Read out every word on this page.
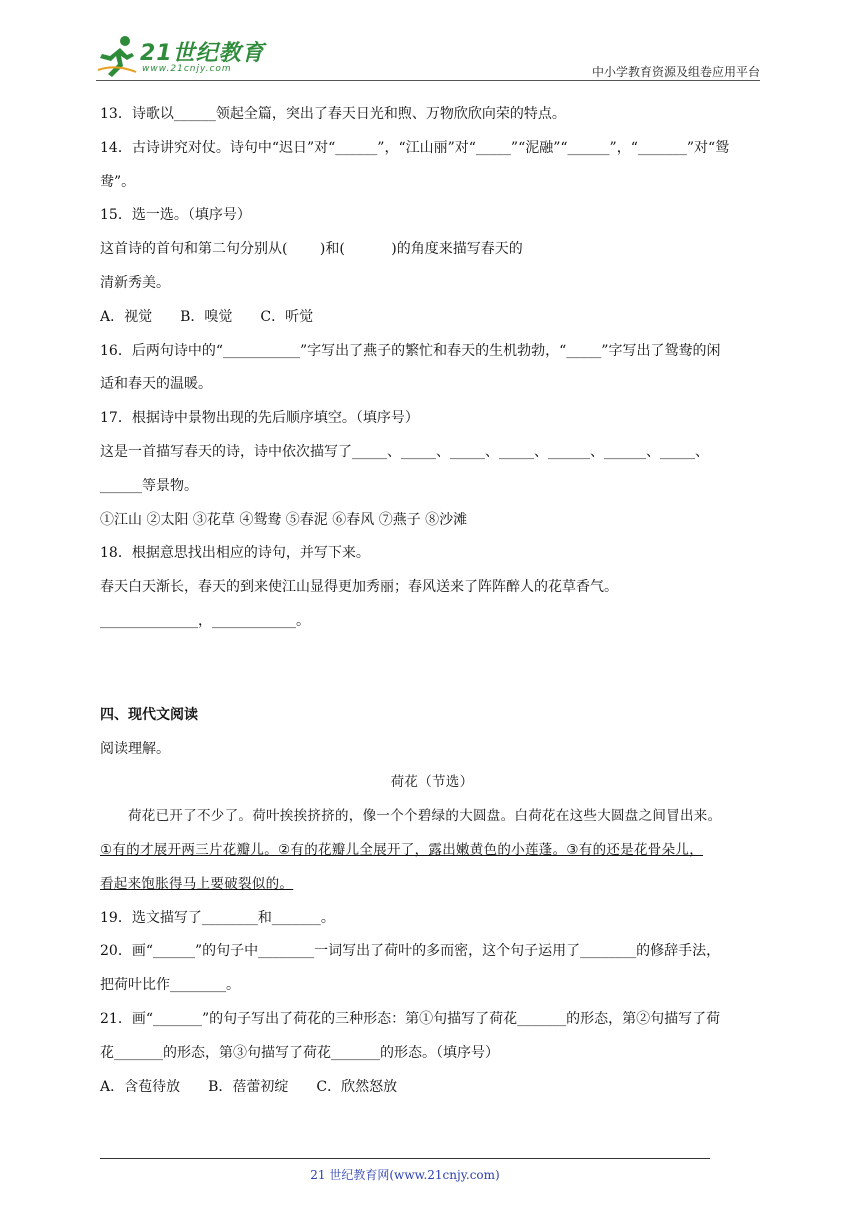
21世纪教育
www.21cnjy.com	中小学教育资源及组卷应用平台
13．诗歌以______领起全篇，突出了春天日光和煦、万物欣欣向荣的特点。
14．古诗讲究对仗。诗句中“迟日”对“______”，“江山丽”对“_____”“泥融”“______”，“_______”对“鸳
鸯”。
15．选一选。（填序号）
这首诗的首句和第二句分别从(　　 )和(　　 　)的角度来描写春天的
清新秀美。
A．视觉　　B．嗅觉　　C．听觉
16．后两句诗中的“___________”字写出了燕子的繁忙和春天的生机勃勃，“_____”字写出了鸳鸯的闲
适和春天的温暖。
17．根据诗中景物出现的先后顺序填空。（填序号）
这是一首描写春天的诗，诗中依次描写了_____、_____、_____、_____、______、______、_____、
______等景物。
①江山 ②太阳 ③花草 ④鸳鸯 ⑤春泥 ⑥春风 ⑦燕子 ⑧沙滩
18．根据意思找出相应的诗句，并写下来。
春天白天渐长，春天的到来使江山显得更加秀丽；春风送来了阵阵醉人的花草香气。
______________，____________。
四、现代文阅读
阅读理解。
荷花（节选）
荷花已开了不少了。荷叶挨挨挤挤的，像一个个碧绿的大圆盘。白荷花在这些大圆盘之间冒出来。
①有的才展开两三片花瓣儿。②有的花瓣儿全展开了，露出嫩黄色的小莲蓬。③有的还是花骨朵儿，
看起来饱胀得马上要破裂似的。
19．选文描写了________和_______。
20．画“______”的句子中________一词写出了荷叶的多而密，这个句子运用了________的修辞手法，
把荷叶比作________。
21．画“_______”的句子写出了荷花的三种形态：第①句描写了荷花_______的形态，第②句描写了荷
花_______的形态，第③句描写了荷花_______的形态。（填序号）
A．含苞待放　　B．蓓蕾初绽　　C．欣然怒放
21 世纪教育网(www.21cnjy.com)
